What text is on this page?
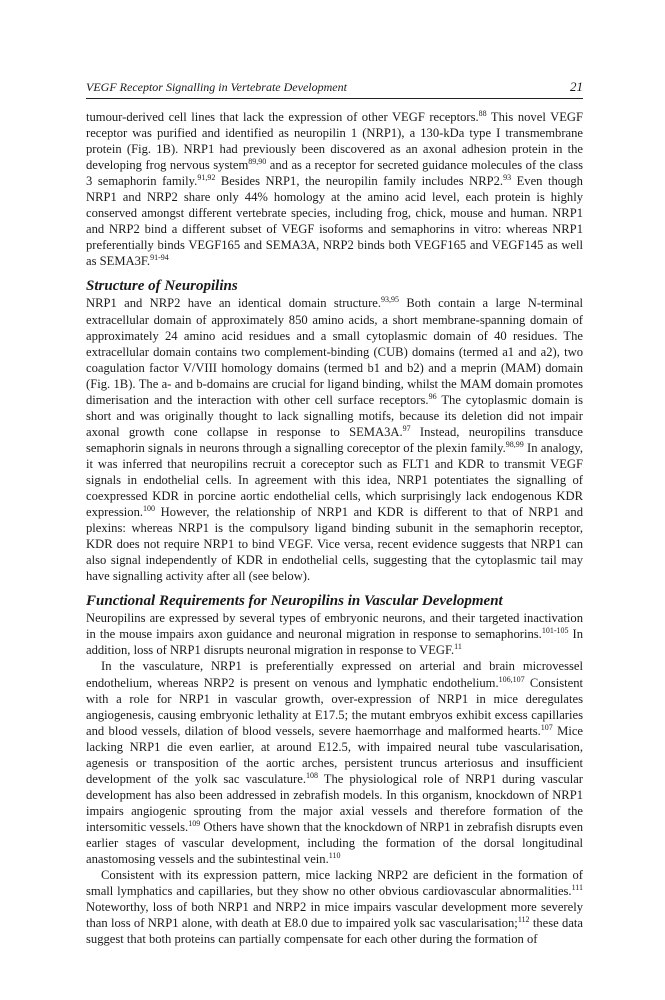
VEGF Receptor Signalling in Vertebrate Development	21

tumour-derived cell lines that lack the expression of other VEGF receptors.$^{88}$ This novel VEGF receptor was purified and identified as neuropilin 1 (NRP1), a 130-kDa type I transmembrane protein (Fig. 1B). NRP1 had previously been discovered as an axonal adhesion protein in the developing frog nervous system$^{89,90}$ and as a receptor for secreted guidance molecules of the class 3 semaphorin family.$^{91,92}$ Besides NRP1, the neuropilin family includes NRP2.93 Even though NRP1 and NRP2 share only 44% homology at the amino acid level, each protein is highly conserved amongst different vertebrate species, including frog, chick, mouse and human. NRP1 and NRP2 bind a different subset of VEGF isoforms and semaphorins in vitro: whereas NRP1 preferentially binds VEGF165 and SEMA3A, NRP2 binds both VEGF165 and VEGF145 as well as SEMA3F.$^{91-94}$

Structure of Neuropilins

NRP1 and NRP2 have an identical domain structure.$^{93,95}$ Both contain a large N-terminal extracellular domain of approximately 850 amino acids, a short membrane-spanning domain of approximately 24 amino acid residues and a small cytoplasmic domain of 40 residues. The extracellular domain contains two complement-binding (CUB) domains (termed a1 and a2), two coagulation factor V/VIII homology domains (termed b1 and b2) and a meprin (MAM) domain (Fig. 1B). The a- and b-domains are crucial for ligand binding, whilst the MAM domain promotes dimerisation and the interaction with other cell surface receptors.$^{96}$ The cytoplasmic domain is short and was originally thought to lack signalling motifs, because its deletion did not impair axonal growth cone collapse in response to SEMA3A.$^{97}$ Instead, neuropilins transduce semaphorin signals in neurons through a signalling coreceptor of the plexin family.$^{98,99}$ In analogy, it was inferred that neuropilins recruit a coreceptor such as FLT1 and KDR to transmit VEGF signals in endothelial cells. In agreement with this idea, NRP1 potentiates the signalling of coexpressed KDR in porcine aortic endothelial cells, which surprisingly lack endogenous KDR expression.$^{100}$ However, the relationship of NRP1 and KDR is different to that of NRP1 and plexins: whereas NRP1 is the compulsory ligand binding subunit in the semaphorin receptor, KDR does not require NRP1 to bind VEGF. Vice versa, recent evidence suggests that NRP1 can also signal independently of KDR in endothelial cells, suggesting that the cytoplasmic tail may have signalling activity after all (see below).

Functional Requirements for Neuropilins in Vascular Development

Neuropilins are expressed by several types of embryonic neurons, and their targeted inactivation in the mouse impairs axon guidance and neuronal migration in response to semaphorins.$^{101-105}$ In addition, loss of NRP1 disrupts neuronal migration in response to VEGF.$^{11}$

In the vasculature, NRP1 is preferentially expressed on arterial and brain microvessel endothelium, whereas NRP2 is present on venous and lymphatic endothelium.$^{106,107}$ Consistent with a role for NRP1 in vascular growth, over-expression of NRP1 in mice deregulates angiogenesis, causing embryonic lethality at E17.5; the mutant embryos exhibit excess capillaries and blood vessels, dilation of blood vessels, severe haemorrhage and malformed hearts.$^{107}$ Mice lacking NRP1 die even earlier, at around E12.5, with impaired neural tube vascularisation, agenesis or transposition of the aortic arches, persistent truncus arteriosus and insufficient development of the yolk sac vasculature.$^{108}$ The physiological role of NRP1 during vascular development has also been addressed in zebrafish models. In this organism, knockdown of NRP1 impairs angiogenic sprouting from the major axial vessels and therefore formation of the intersomitic vessels.$^{109}$ Others have shown that the knockdown of NRP1 in zebrafish disrupts even earlier stages of vascular development, including the formation of the dorsal longitudinal anastomosing vessels and the subintestinal vein.$^{110}$

Consistent with its expression pattern, mice lacking NRP2 are deficient in the formation of small lymphatics and capillaries, but they show no other obvious cardiovascular abnormalities.$^{111}$ Noteworthy, loss of both NRP1 and NRP2 in mice impairs vascular development more severely than loss of NRP1 alone, with death at E8.0 due to impaired yolk sac vascularisation;$^{112}$ these data suggest that both proteins can partially compensate for each other during the formation of
